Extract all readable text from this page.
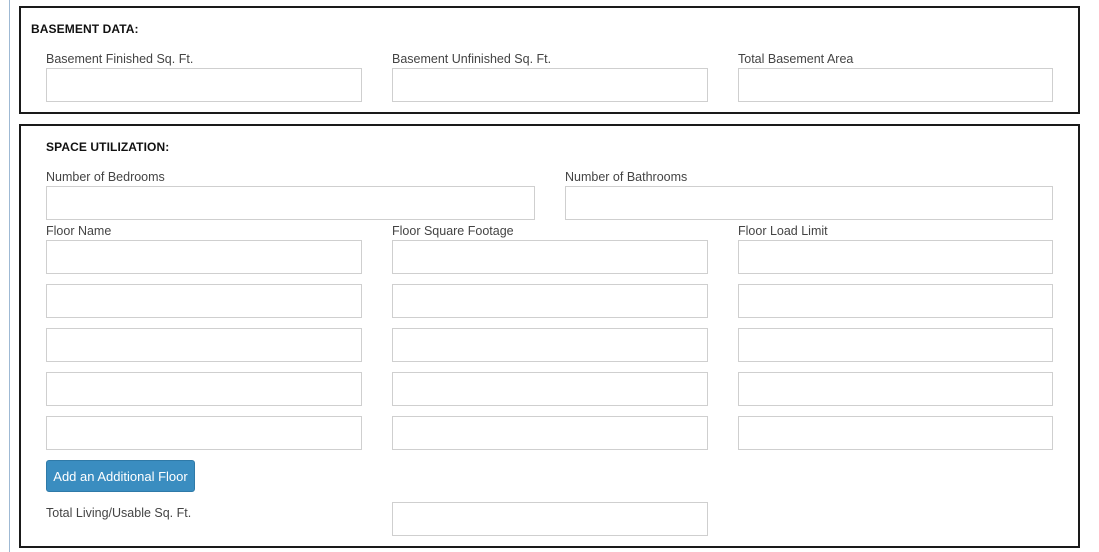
BASEMENT DATA:
Basement Finished Sq. Ft.	Basement Unfinished Sq. Ft.	Total Basement Area
SPACE UTILIZATION:
Number of Bedrooms	Number of Bathrooms
Floor Name	Floor Square Footage	Floor Load Limit
Add an Additional Floor
Total Living/Usable Sq. Ft.
